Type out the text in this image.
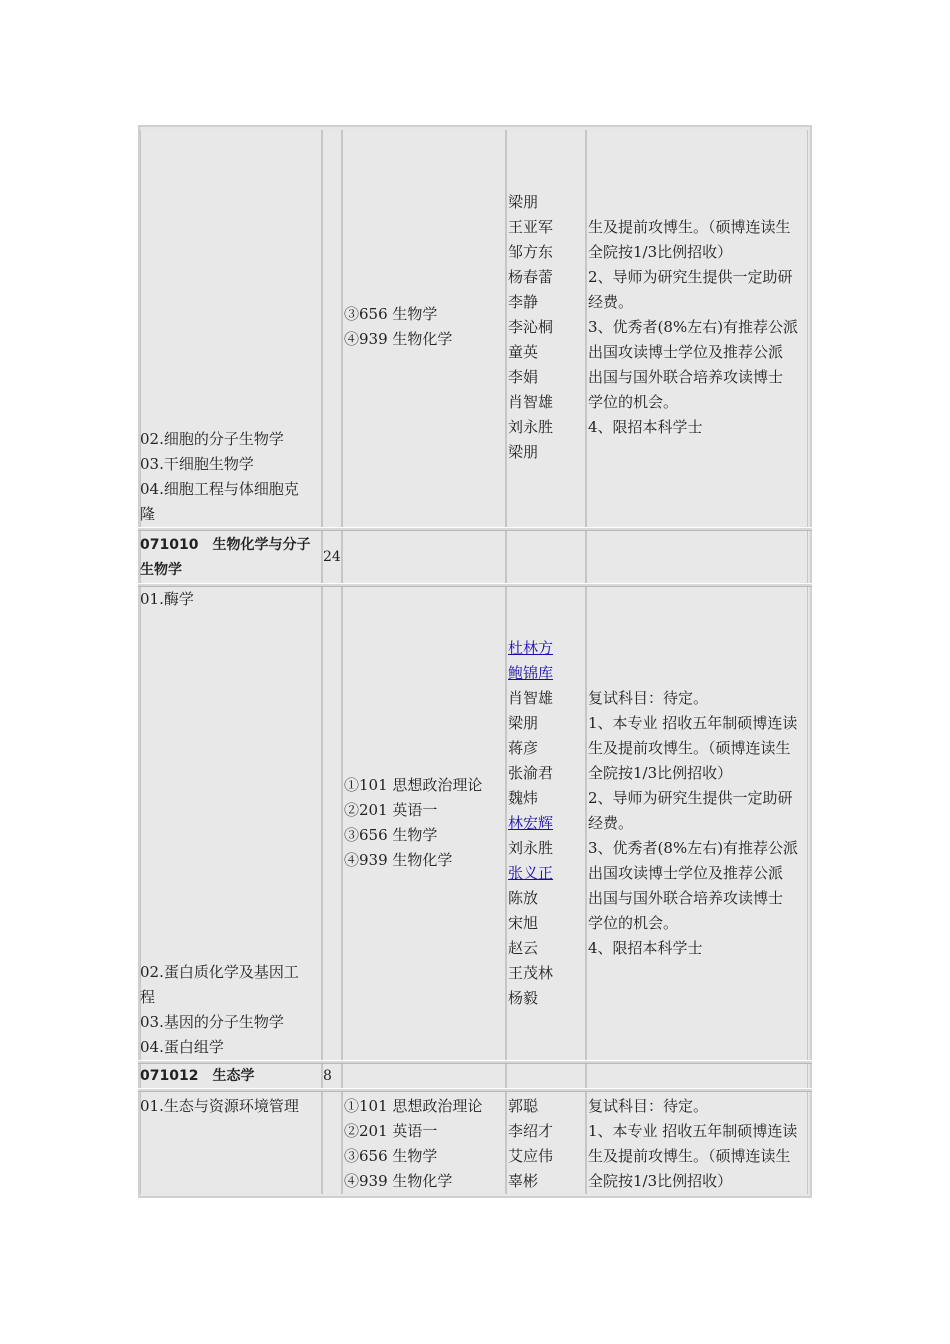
③656 生物学
④939 生物化学
02.细胞的分子生物学
03.干细胞生物学
04.细胞工程与体细胞克
隆
梁朋
王亚军
邹方东
杨春蕾
李静
李沁桐
童英
李娟
肖智雄
刘永胜
梁朋
生及提前攻博生。（硕博连读生
全院按1/3比例招收）
2、导师为研究生提供一定助研
经费。
3、优秀者(8%左右)有推荐公派
出国攻读博士学位及推荐公派
出国与国外联合培养攻读博士
学位的机会。
4、限招本科学士
071010　生物化学与分子
生物学
24
01.酶学
02.蛋白质化学及基因工
程
03.基因的分子生物学
04.蛋白组学
①101 思想政治理论
②201 英语一
③656 生物学
④939 生物化学
杜林方
鲍锦库
肖智雄
梁朋
蒋彦
张渝君
魏炜
林宏辉
刘永胜
张义正
陈放
宋旭
赵云
王茂林
杨毅
复试科目：待定。
1、本专业 招收五年制硕博连读
生及提前攻博生。（硕博连读生
全院按1/3比例招收）
2、导师为研究生提供一定助研
经费。
3、优秀者(8%左右)有推荐公派
出国攻读博士学位及推荐公派
出国与国外联合培养攻读博士
学位的机会。
4、限招本科学士
071012　生态学	8
01.生态与资源环境管理	①101 思想政治理论
②201 英语一
③656 生物学
④939 生物化学
郭聪
李绍才
艾应伟
辜彬
复试科目：待定。
1、本专业 招收五年制硕博连读
生及提前攻博生。（硕博连读生
全院按1/3比例招收）
